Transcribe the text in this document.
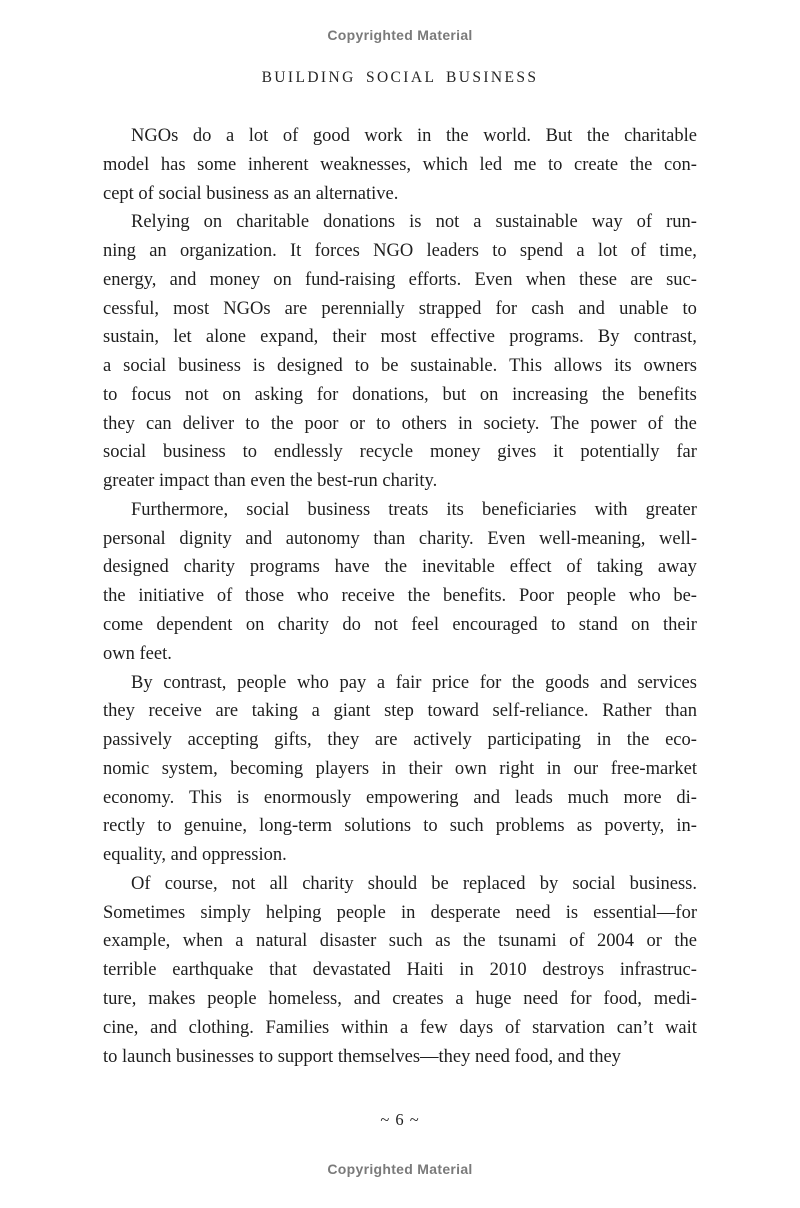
Copyrighted Material
BUILDING SOCIAL BUSINESS
NGOs do a lot of good work in the world. But the charitable
model has some inherent weaknesses, which led me to create the con-
cept of social business as an alternative.
Relying on charitable donations is not a sustainable way of run-
ning an organization. It forces NGO leaders to spend a lot of time,
energy, and money on fund-raising efforts. Even when these are suc-
cessful, most NGOs are perennially strapped for cash and unable to
sustain, let alone expand, their most effective programs. By contrast,
a social business is designed to be sustainable. This allows its owners
to focus not on asking for donations, but on increasing the benefits
they can deliver to the poor or to others in society. The power of the
social business to endlessly recycle money gives it potentially far
greater impact than even the best-run charity.
Furthermore, social business treats its beneficiaries with greater
personal dignity and autonomy than charity. Even well-meaning, well-
designed charity programs have the inevitable effect of taking away
the initiative of those who receive the benefits. Poor people who be-
come dependent on charity do not feel encouraged to stand on their
own feet.
By contrast, people who pay a fair price for the goods and services
they receive are taking a giant step toward self-reliance. Rather than
passively accepting gifts, they are actively participating in the eco-
nomic system, becoming players in their own right in our free-market
economy. This is enormously empowering and leads much more di-
rectly to genuine, long-term solutions to such problems as poverty, in-
equality, and oppression.
Of course, not all charity should be replaced by social business.
Sometimes simply helping people in desperate need is essential—for
example, when a natural disaster such as the tsunami of 2004 or the
terrible earthquake that devastated Haiti in 2010 destroys infrastruc-
ture, makes people homeless, and creates a huge need for food, medi-
cine, and clothing. Families within a few days of starvation can’t wait
to launch businesses to support themselves—they need food, and they
~ 6 ~
Copyrighted Material
